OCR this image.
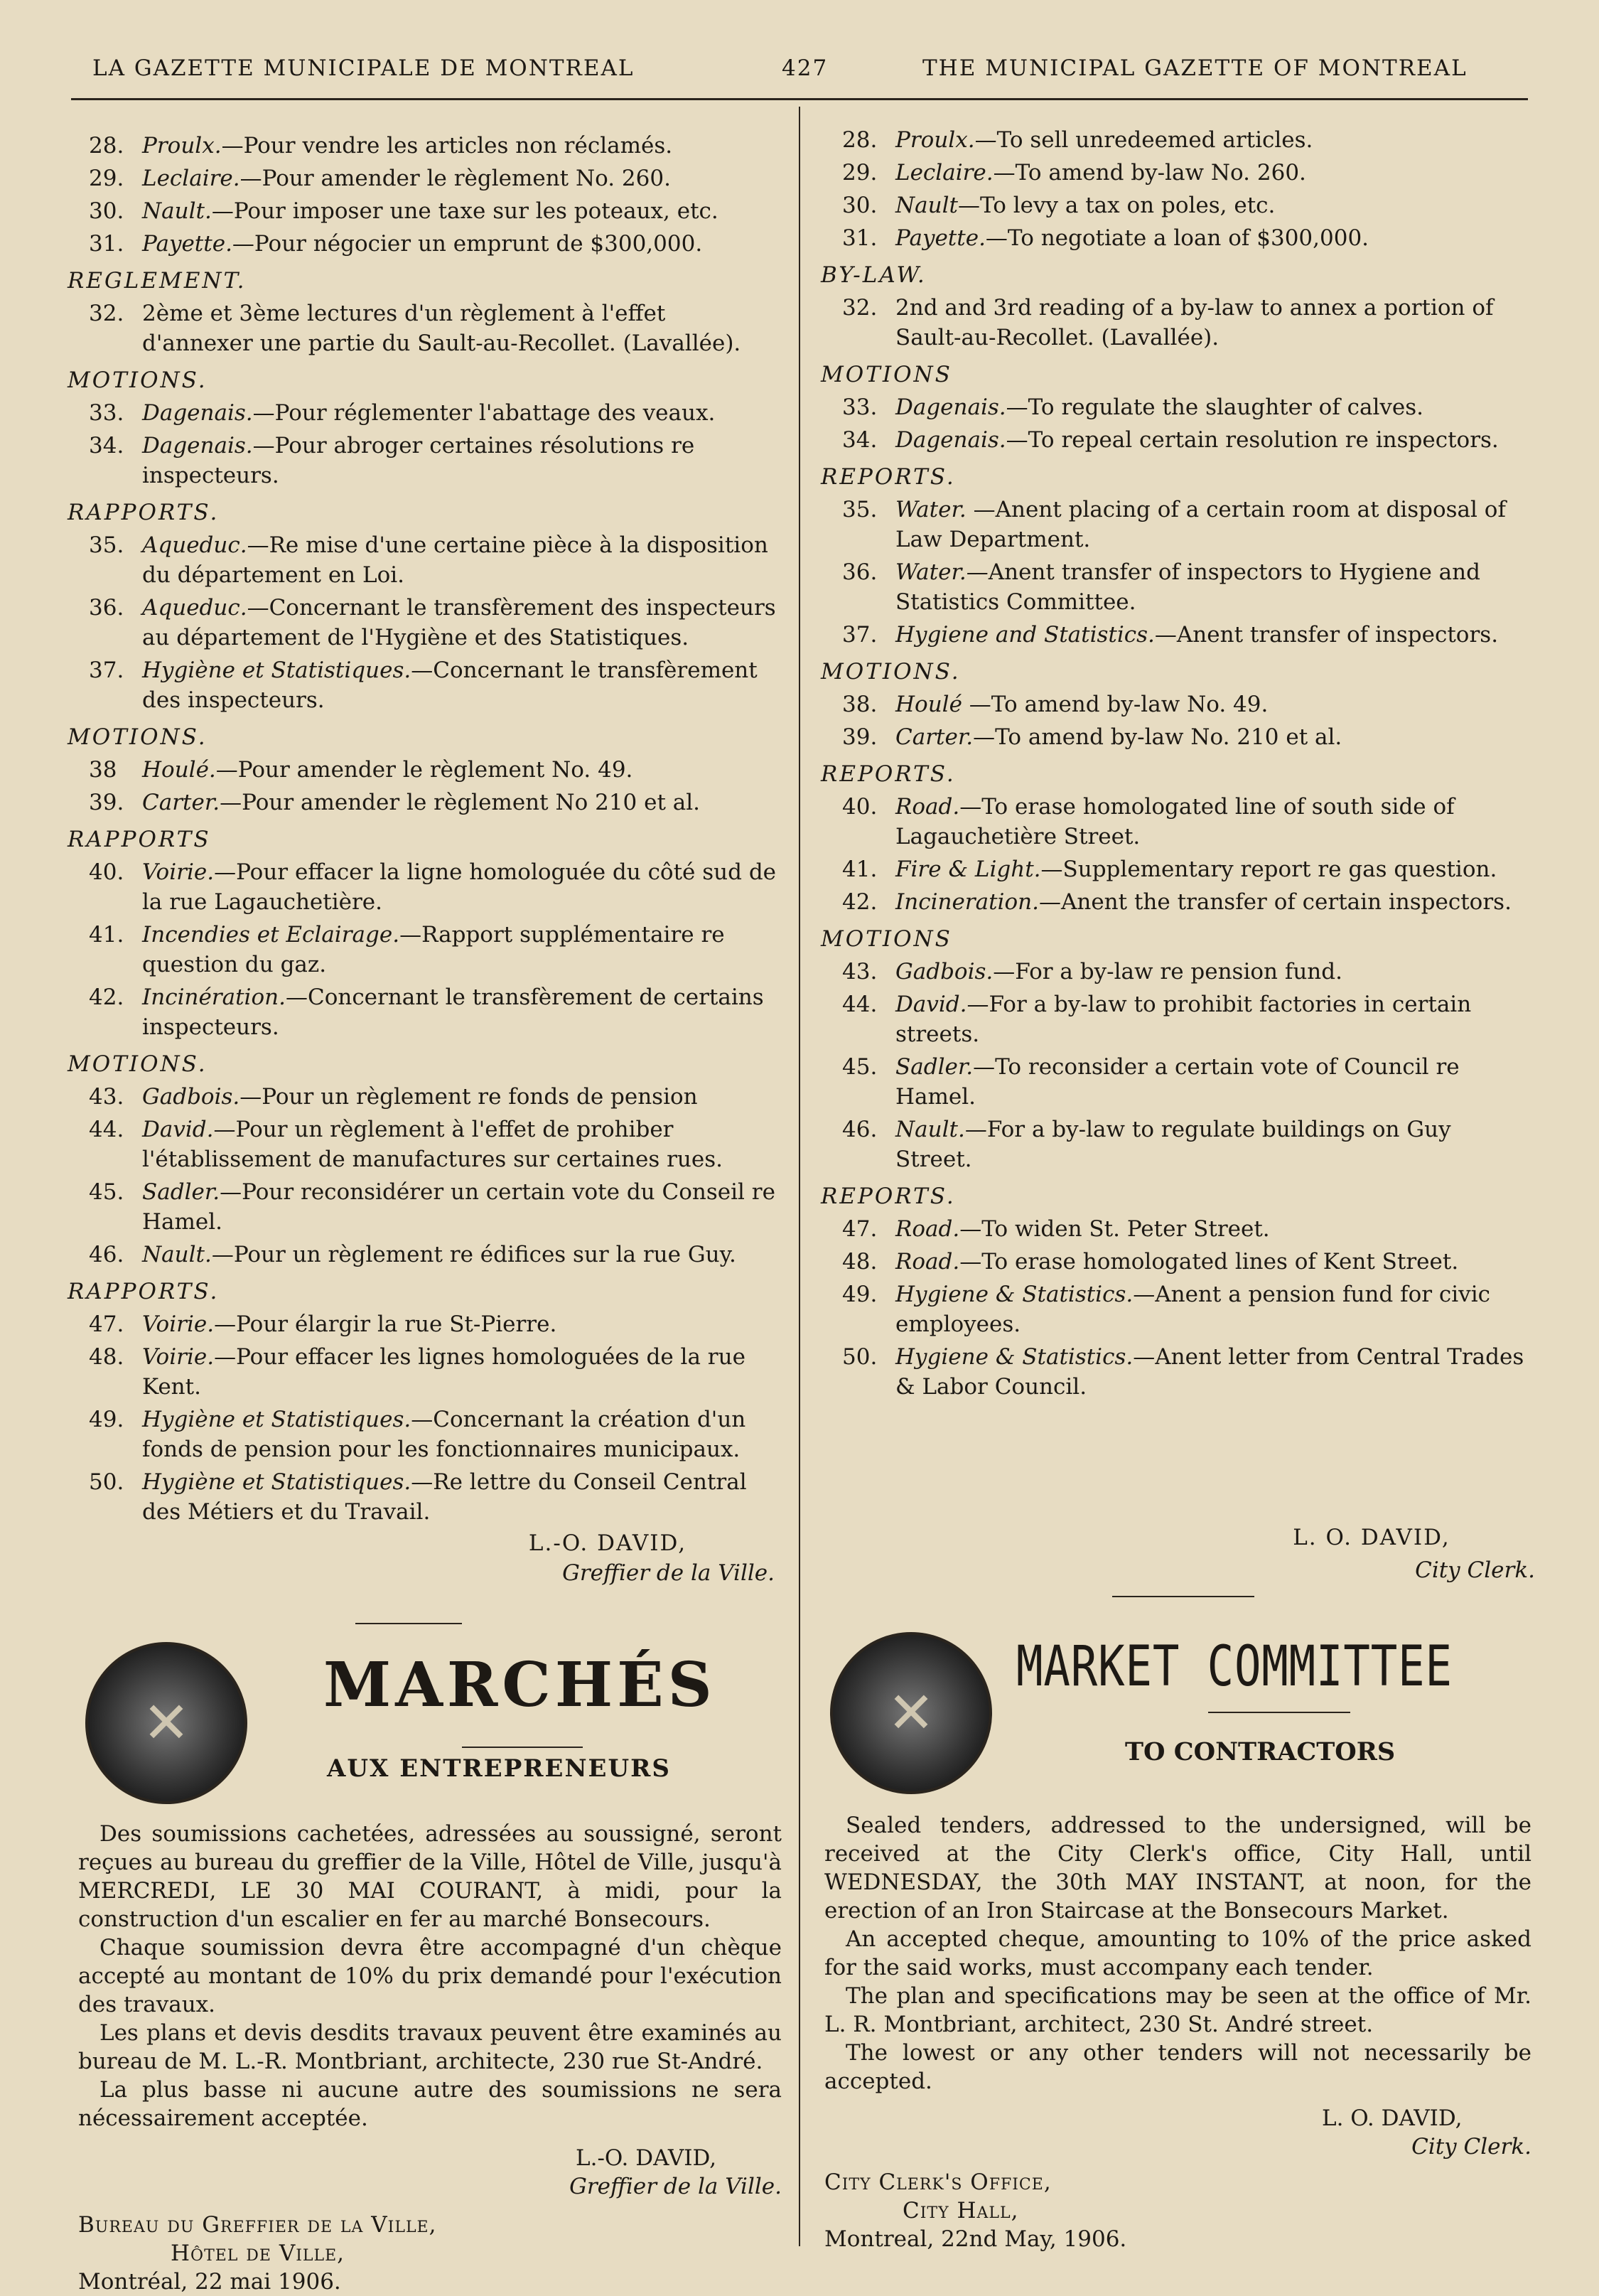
LA GAZETTE MUNICIPALE DE MONTREAL	427	THE MUNICIPAL GAZETTE OF MONTREAL
28. Proulx.—Pour vendre les articles non réclamés.
29. Leclaire.—Pour amender le règlement No. 260.
30. Nault.—Pour imposer une taxe sur les poteaux, etc.
31. Payette.—Pour négocier un emprunt de $300,000.
REGLEMENT.
32. 2ème et 3ème lectures d'un règlement à l'effet d'annexer une partie du Sault-au-Recollet. (Lavallée).
MOTIONS.
33. Dagenais.—Pour réglementer l'abattage des veaux.
34. Dagenais.—Pour abroger certaines résolutions re inspecteurs.
RAPPORTS.
35. Aqueduc.—Re mise d'une certaine pièce à la disposition du département en Loi.
36. Aqueduc.—Concernant le transfèrement des inspecteurs au département de l'Hygiène et des Statistiques.
37. Hygiène et Statistiques.—Concernant le transfèrement des inspecteurs.
MOTIONS.
38 Houlé.—Pour amender le règlement No. 49.
39. Carter.—Pour amender le règlement No 210 et al.
RAPPORTS
40. Voirie.—Pour effacer la ligne homologuée du côté sud de la rue Lagauchetière.
41. Incendies et Eclairage.—Rapport supplémentaire re question du gaz.
42. Incinération.—Concernant le transfèrement de certains inspecteurs.
MOTIONS.
43. Gadbois.—Pour un règlement re fonds de pension
44. David.—Pour un règlement à l'effet de prohiber l'établissement de manufactures sur certaines rues.
45. Sadler.—Pour reconsidérer un certain vote du Conseil re Hamel.
46. Nault.—Pour un règlement re édifices sur la rue Guy.
RAPPORTS.
47. Voirie.—Pour élargir la rue St-Pierre.
48. Voirie.—Pour effacer les lignes homologuées de la rue Kent.
49. Hygiène et Statistiques.—Concernant la création d'un fonds de pension pour les fonctionnaires municipaux.
50. Hygiène et Statistiques.—Re lettre du Conseil Central des Métiers et du Travail.
28. Proulx.—To sell unredeemed articles.
29. Leclaire.—To amend by-law No. 260.
30. Nault—To levy a tax on poles, etc.
31. Payette.—To negotiate a loan of $300,000.
BY-LAW.
32. 2nd and 3rd reading of a by-law to annex a portion of Sault-au-Recollet. (Lavallée).
MOTIONS
33. Dagenais.—To regulate the slaughter of calves.
34. Dagenais.—To repeal certain resolution re inspectors.
REPORTS.
35. Water. —Anent placing of a certain room at disposal of Law Department.
36. Water.—Anent transfer of inspectors to Hygiene and Statistics Committee.
37. Hygiene and Statistics.—Anent transfer of inspectors.
MOTIONS.
38. Houlé —To amend by-law No. 49.
39. Carter.—To amend by-law No. 210 et al.
REPORTS.
40. Road.—To erase homologated line of south side of Lagauchetière Street.
41. Fire & Light.—Supplementary report re gas question.
42. Incineration.—Anent the transfer of certain inspectors.
MOTIONS
43. Gadbois.—For a by-law re pension fund.
44. David.—For a by-law to prohibit factories in certain streets.
45. Sadler.—To reconsider a certain vote of Council re Hamel.
46. Nault.—For a by-law to regulate buildings on Guy Street.
REPORTS.
47. Road.—To widen St. Peter Street.
48. Road.—To erase homologated lines of Kent Street.
49. Hygiene & Statistics.—Anent a pension fund for civic employees.
50. Hygiene & Statistics.—Anent letter from Central Trades & Labor Council.
L.-O. DAVID,
Greffier de la Ville.
L. O. DAVID,
City Clerk.
✕
MARCHÉS
AUX ENTREPRENEURS

Des soumissions cachetées, adressées au soussigné, seront reçues au bureau du greffier de la Ville, Hôtel de Ville, jusqu'à MERCREDI, LE 30 MAI COURANT, à midi, pour la construction d'un escalier en fer au marché Bonsecours.

Chaque soumission devra être accompagné d'un chèque accepté au montant de 10% du prix demandé pour l'exécution des travaux.

Les plans et devis desdits travaux peuvent être examinés au bureau de M. L.-R. Montbriant, architecte, 230 rue St-André.

La plus basse ni aucune autre des soumissions ne sera nécessairement acceptée.

L.-O. DAVID,
Greffier de la Ville.
Bureau du Greffier de la Ville,
Hôtel de Ville,
Montréal, 22 mai 1906.
✕
MARKET COMMITTEE
TO CONTRACTORS

Sealed tenders, addressed to the undersigned, will be received at the City Clerk's office, City Hall, until WEDNESDAY, the 30th MAY INSTANT, at noon, for the erection of an Iron Staircase at the Bonsecours Market.

An accepted cheque, amounting to 10% of the price asked for the said works, must accompany each tender.

The plan and specifications may be seen at the office of Mr. L. R. Montbriant, architect, 230 St. André street.

The lowest or any other tenders will not necessarily be accepted.

L. O. DAVID,
City Clerk.
City Clerk's Office,
City Hall,
Montreal, 22nd May, 1906.
